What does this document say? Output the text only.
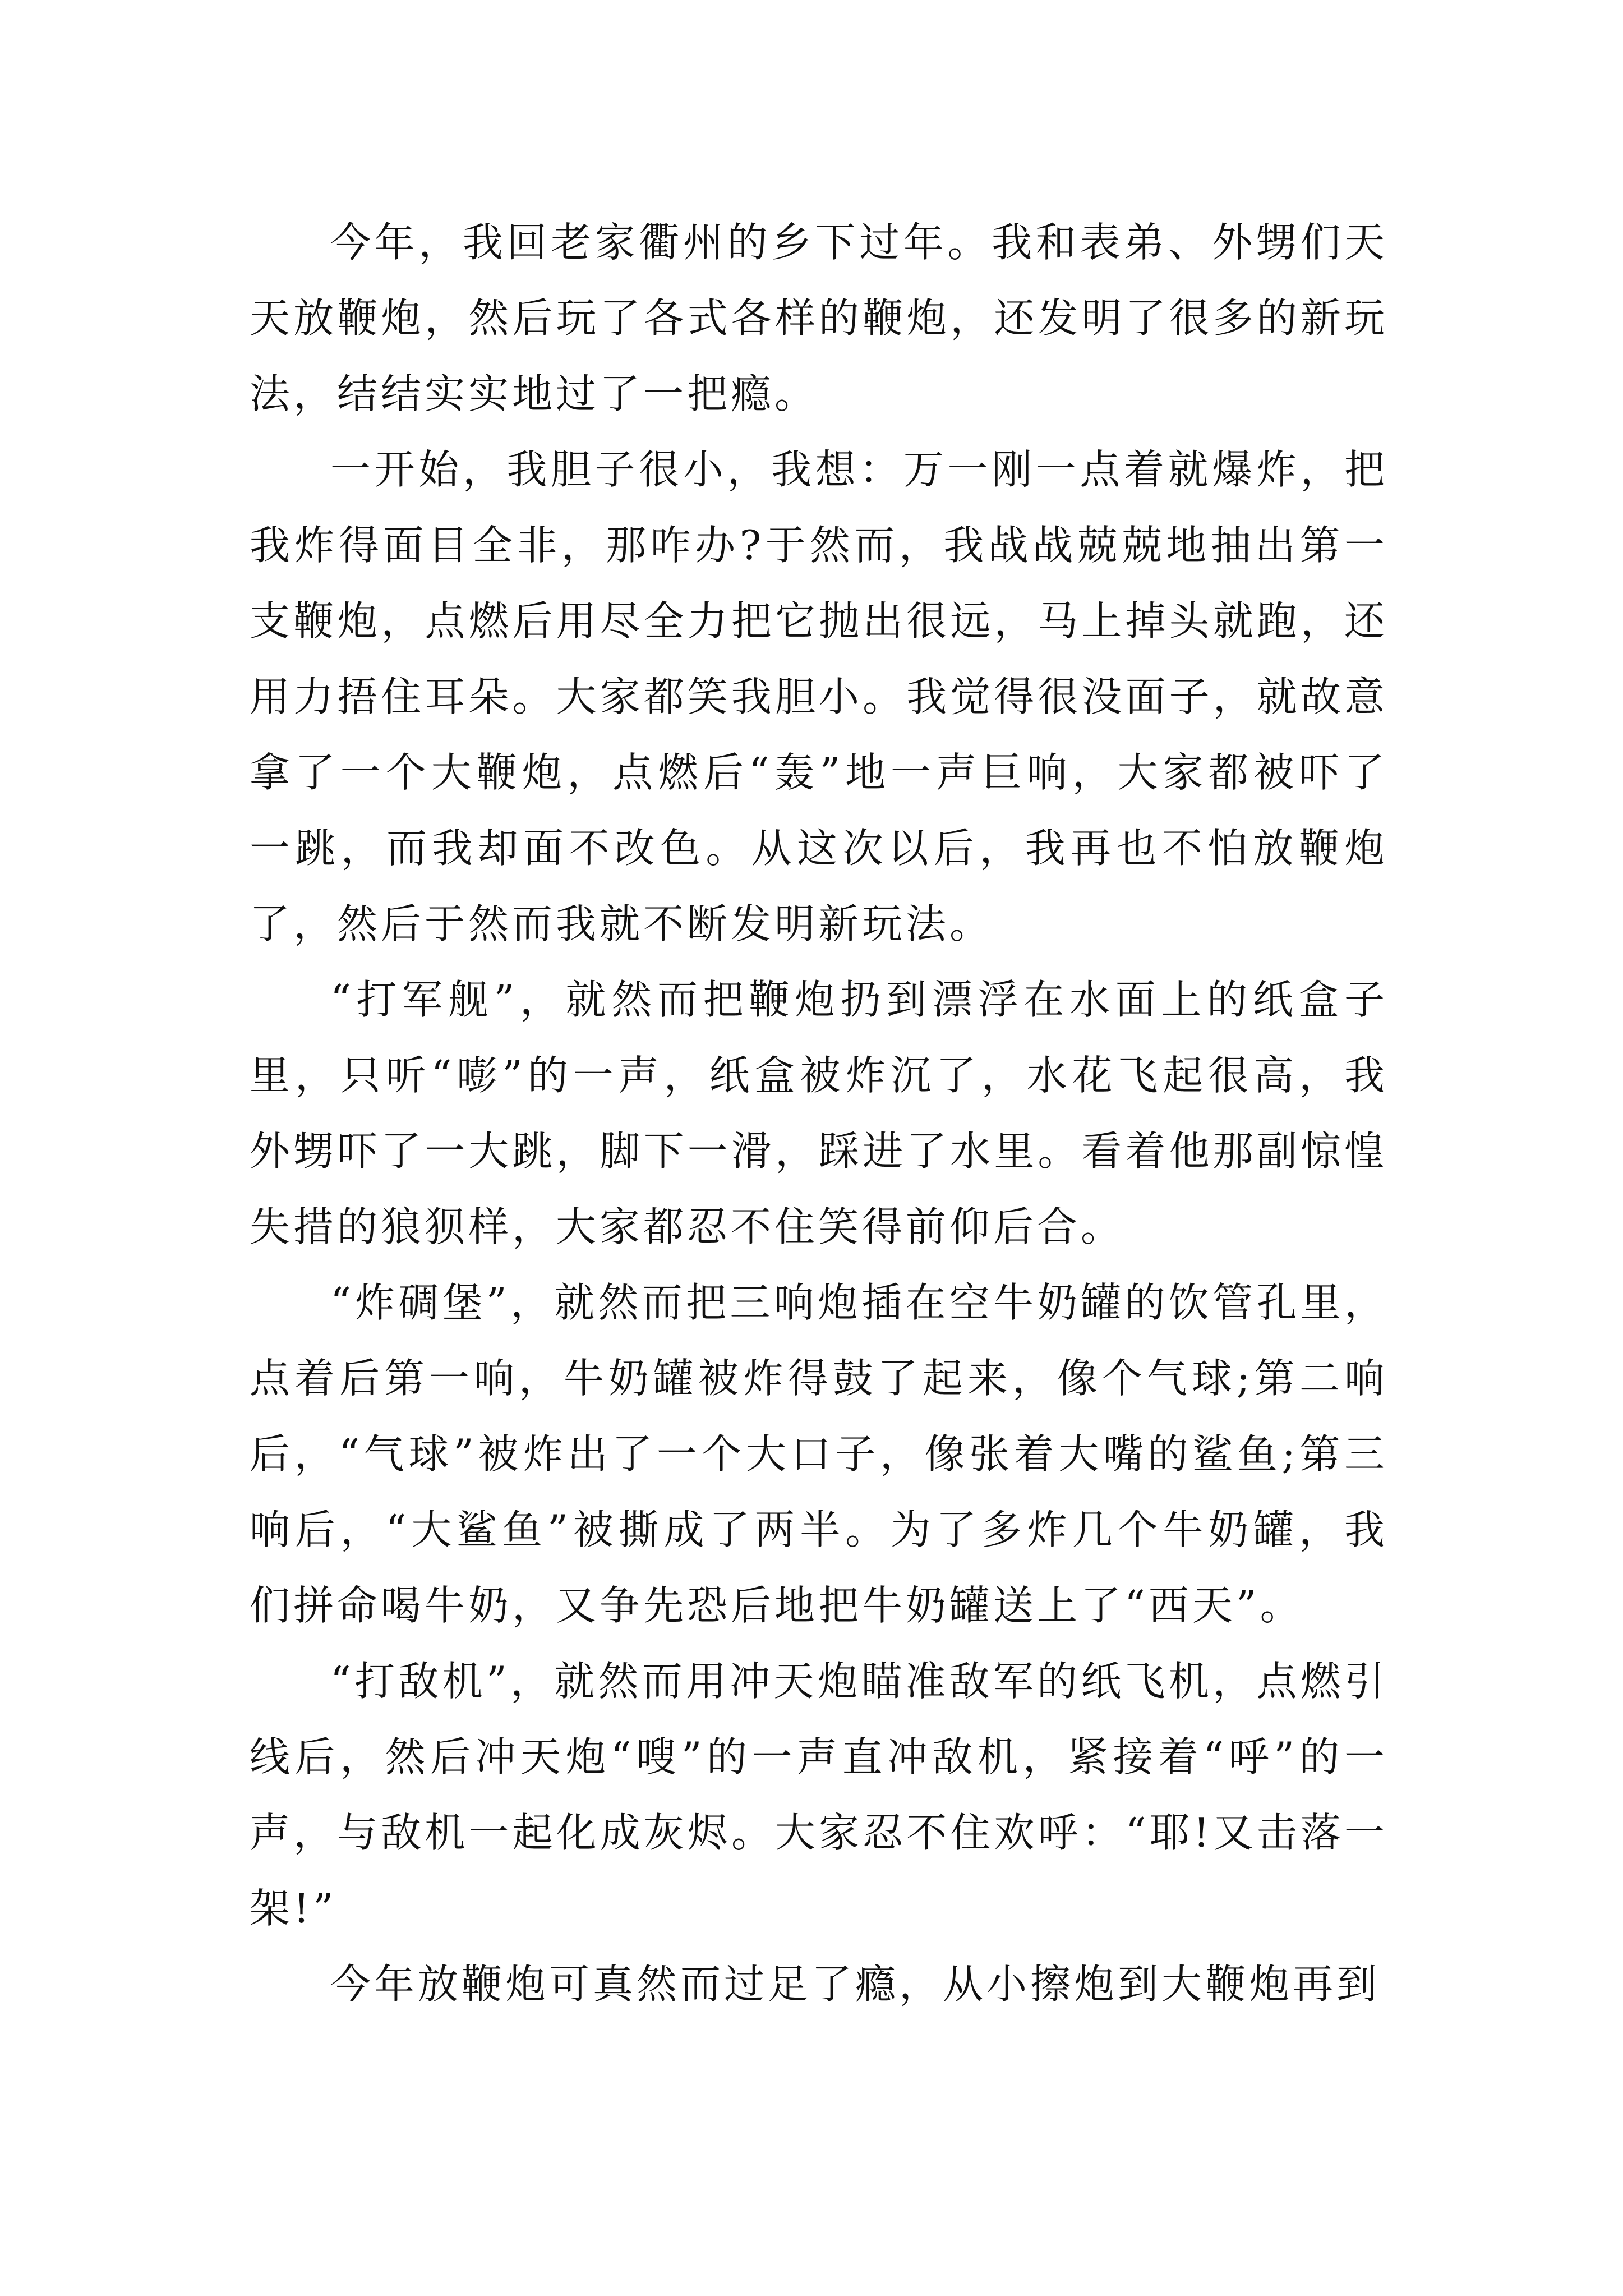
今年，我回老家衢州的乡下过年。我和表弟、外甥们天天放鞭炮，然后玩了各式各样的鞭炮，还发明了很多的新玩法，结结实实地过了一把瘾。

一开始，我胆子很小，我想：万一刚一点着就爆炸，把我炸得面目全非，那咋办?于然而，我战战兢兢地抽出第一支鞭炮，点燃后用尽全力把它抛出很远，马上掉头就跑，还用力捂住耳朵。大家都笑我胆小。我觉得很没面子，就故意拿了一个大鞭炮，点燃后“轰”地一声巨响，大家都被吓了一跳，而我却面不改色。从这次以后，我再也不怕放鞭炮了，然后于然而我就不断发明新玩法。

“打军舰”，就然而把鞭炮扔到漂浮在水面上的纸盒子里，只听“嘭”的一声，纸盒被炸沉了，水花飞起很高，我外甥吓了一大跳，脚下一滑，踩进了水里。看着他那副惊惶失措的狼狈样，大家都忍不住笑得前仰后合。

“炸碉堡”，就然而把三响炮插在空牛奶罐的饮管孔里，点着后第一响，牛奶罐被炸得鼓了起来，像个气球;第二响后，“气球”被炸出了一个大口子，像张着大嘴的鲨鱼;第三响后，“大鲨鱼”被撕成了两半。为了多炸几个牛奶罐，我们拼命喝牛奶，又争先恐后地把牛奶罐送上了“西天”。

“打敌机”，就然而用冲天炮瞄准敌军的纸飞机，点燃引线后，然后冲天炮“嗖”的一声直冲敌机，紧接着“呼”的一声，与敌机一起化成灰烬。大家忍不住欢呼：“耶!又击落一架!”

今年放鞭炮可真然而过足了瘾，从小擦炮到大鞭炮再到
